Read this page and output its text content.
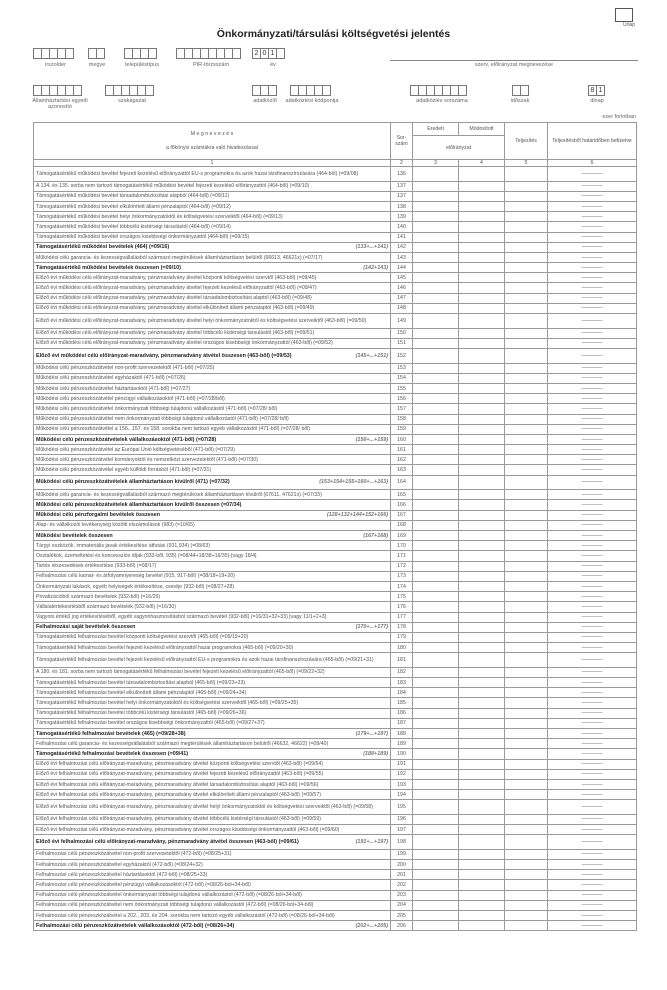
Űrlap
Önkormányzati/társulási költségvetési jelentés
irszolder	megye	településtípus	PIR-törzsszám
2 0 1
év	szerv, előirányzat megnevezése
Államháztartási egyedi azonosító
szakágazat	adatközlő	adatközlési kódpontja	adatközlés sorszáma	időszak
8 1
dinap
ezer forintban
M e g n e v e z é s
a főkönyvi számlákra való hivatkozással	Sor-szám	Eredeti	Módosított	Teljesítés	Teljesítésből határidőben befizetve
		előirányzat			
1	2	3	4	5	6
Támogatásértékű működési bevétel fejezeti kezelésű előirányzattól EU-s programokra és azok hazai társfinanszírozására (464-böl) (=09/08)	136				————
A 134. és 135. sorba nem tartozó támogatásértékű működési bevétel fejezeti kezelésű előirányzattól (464-ből) (=09/10)	137				————
Támogatásértékű működési bevétel társadalombiztosítási alapból (464-ből) (=09/11)	137				————
Támogatásértékű működési bevétel elkülönített állami pénzalaptól (464-ből) (=09/12)	138				————
Támogatásértékű működési bevétel helyi önkormányzatoktól és költségvetési szerveiktől (464-ből) (=09/13)	139				————
Támogatásértékű működési bevétel többcélú kistérségi társulástól (464-ből) (=09/14)	140				————
Támogatásértékű működési bevétel országos kisebbségi önkormányzattól (464-ből) (=09/15)	141				————

(133+...+141)
Támogatásértékű működési bevételek (464) (=09/16)	142				————
Működési célú garancia- és kezességvállalásból származó megtérülések államháztartáson belülről (66613, 46621x) (=07/17)	143				————

(142+143)
Támogatásértékű működési bevételek összesen (=09/10)	144				————
Előző évi működési célú előirányzat-maradvány, pénzmaradvány átvétel központi költségvetési szervtől (463-ből) (=09/45)	145				————
Előző évi működési célú előirányzat-maradvány, pénzmaradvány átvétel fejezeti kezelésű előirányzattól (463-ből) (=09/47)	146				————
Előző évi működési célú előirányzat-maradvány, pénzmaradvány átvétel társadalombiztosítási alaptól (463-ből) (=09/48)	147				————
Előző évi működési célú előirányzat-maradvány, pénzmaradvány átvétel elkülönített állami pénzalaptól (463-ből) (=09/49)	148				————
Előző évi működési célú előirányzat-maradvány, pénzmaradvány átvétel helyi önkormányzatoktól és költségvetési szerveiktől (463-ből) (=09/50)	149				————
Előző évi működési célú előirányzat-maradvány, pénzmaradvány átvétel többcélú kistérségi társulástól (463-ből) (=09/51)	150				————
Előző évi működési célú előirányzat-maradvány, pénzmaradvány átvétel országos kisebbségi önkormányzattól (463-ből) (=09/52)	151				————

(145+...+151)
Előző évi működési célú előirányzat-maradvány, pénzmaradvány átvétel összesen (463-ből) (=09/53)	152				————
Működési célú pénzeszközátvétel non-profit szervezetektől (471-ből) (=07/25)	153				————
Működési célú pénzeszközátvétel egyházaktól (471-ből) (=07/26)	154				————
Működési célú pénzeszközátvétel háztartásoktól (471-ből) (=07/27)	155				————
Működési célú pénzeszközátvétel pénzügyi vállalkozásoktól (471-ből) (=07/28/ből)	156				————
Működési célú pénzeszközátvétel önkormányzati többségi tulajdonú vállalkozástól (471-ből) (=07/28/ ből)	157				————
Működési célú pénzeszközátvétel nem önkormányzati többségi tulajdonú vállalkozástól (471-ből) (=07/28/ ből)	158				————
Működési célú pénzeszközátvétel a 156., 157. és 158. sorokba nem tartozó egyéb vállalkozástól (471-ből) (=07/28/ ből)	159				————

(156+...+159)
Működési célú pénzeszközátvételek vállalkozásoktól (471-ből) (=07/28)	160				————
Működési célú pénzeszközátvétel az Európai Unió költségvetéséből (471-ből) (=07/29)	161				————
Működési célú pénzeszközátvétel kormányoktól és nemzetközi szervezetektől (471-ből) (=07/30)	162				————
Működési célú pénzeszközátvétel egyéb külföldi forrásból (471-ből) (=07/31)	163				————

(153+154+155+160+...+163)
Működési célú pénzeszközátvételek államháztartáson kívülről (471) (=07/32)	164				————
Működési célú garancia- és kezességvállalásból származó megtérülések államháztartáson kívülről (67611, 47621x) (=07/33)	165				————
Működési célú pénzeszközátvételek államháztartáson kívülről összesen (=07/34)	166				————

(128+132+144+152+166)
Működési célú pénzforgalmi bevételek összesen	167				————
Alap- és vállalkozói tevékenység közötti elszámolások (983) (=10/65)	168				————

(167+168)
Működési bevételek összesen	169				————
Tárgyi eszközök, immateriális javak értékesítése átfutási (931,934) (=08/63)	170				————
Osztalékok, üzemeltetési és koncessziós díjak (933-ből, 935) (=08/44+18/38+16/35)-[vagy 18/4]	171				————
Tartós részesedések értékesítése (933-ből) (=08/17)	172				————
Felhalmozási célú kamat- és árfolyamnyereség bevétel (915, 917-ből) (=08/18+19+20)	173				————
Önkormányzati lakások, egyéb helyiségek értékesítése, cseréje (932-ből) (=08/27+28)	174				————
Privatizációból származó bevételek (932-ből) (=16/29)	175				————
Vállalatértékesítésből származó bevételek (932-ből) (=16/30)	176				————
Vagyoni értékű jog értékesítéséből, egyéb vagyonhasznosításból származó bevétel (932-ből) (=16/31+32+33) [vagy 11/1+2+3]	177				————

(170+...+177)
Felhalmozási saját bevételek összesen	178				————
Támogatásértékű felhalmozási bevétel központi költségvetési szervtől (465-ből) (=09/19+20)	179				————
Támogatásértékű felhalmozási bevétel fejezeti kezelésű előirányzattól hazai programokra (465-ből) (=09/20+30)	180				————
Támogatásértékű felhalmozási bevétel fejezeti kezelésű előirányzattól EU-s programokra és azok hazai társfinanszírozására (465-ből) (=09/21+31)	181				————
A 180. és 181. sorba nem tartozó támogatásértékű felhalmozási bevétel fejezeti kezelésű előirányzattól (465-ből) (=09/22+32)	182				————
Támogatásértékű felhalmozási bevétel társadalombiztosítási alapból (465-ből) (=09/23+33)	183				————
Támogatásértékű felhalmozási bevétel elkülönített állami pénzalaptól (465-ből) (=09/24+34)	184				————
Támogatásértékű felhalmozási bevétel helyi önkormányzatoktól és költségvetési szerveiktől (465-ből) (=09/25+35)	185				————
Támogatásértékű felhalmozási bevétel többcélú kistérségi társulástól (465-ből) (=09/26+36)	186				————
Támogatásértékű felhalmozási bevétel országos kisebbségi önkormányzattól (465-ből) (=09/27+37)	187				————

(179+...+187)
Támogatásértékű felhalmozási bevételek (465) (=09/28+38)	188				————
Felhalmozási célú garancia- és kezességvállalásból származó megtérülések államháztartáson belülről (46632, 46622) (=09/40)	189				————

(188+189)
Támogatásértékű felhalmozási bevételek összesen (=09/41)	190				————
Előző évi felhalmozási célú előirányzat-maradvány, pénzmaradvány átvétel központi költségvetési szervtől (463-ből) (=09/54)	191				————
Előző évi felhalmozási célú előirányzat-maradvány, pénzmaradvány átvétel fejezeti kezelésű előirányzattól (463-ből) (=09/55)	192				————
Előző évi felhalmozási célú előirányzat-maradvány, pénzmaradvány átvétel társadalombiztosítási alaptól (463-ből) (=09/56)	193				————
Előző évi felhalmozási célú előirányzat-maradvány, pénzmaradvány átvétel elkülönített állami pénzalaptól (463-ből) (=09/57)	194				————
Előző évi felhalmozási célú előirányzat-maradvány, pénzmaradvány átvétel helyi önkormányzatoktól és költségvetési szerveiktől (463-ből) (=09/58)	195				————
Előző évi felhalmozási célú előirányzat-maradvány, pénzmaradvány átvétel többcélú kistérségi társulástól (463-ből) (=09/59)	196				————
Előző évi felhalmozási célú előirányzat-maradvány, pénzmaradvány átvétel országos kisebbségi önkormányzattól (463-ből) (=09/60)	197				————

(191+...+197)
Előző évi felhalmozási célú előirányzat-maradvány, pénzmaradvány átvétel összesen (463-ből) (=09/61)	198				————
Felhalmozási célú pénzeszközátvétel non-profit szervezetektől (472-ből) (=08/25+31)	199				————
Felhalmozási célú pénzeszközátvétel egyházaktól (472-ből) (=08/24+32)	200				————
Felhalmozási célú pénzeszközátvétel háztartásoktól (472-ből) (=08/25+33)	201				————
Felhalmozási célú pénzeszközátvétel pénzügyi vállalkozásoktól (472-ből) (=08/26-ból+34-ből)	202				————
Felhalmozási célú pénzeszközátvétel önkormányzati többségi tulajdonú vállalkozástól (472-ből) (=08/26-ból+34-ből)	203				————
Felhalmozási célú pénzeszközátvétel nem önkormányzati többségi tulajdonú vállalkozástól (472-ből) (=08/26-ból+34-ből)	204				————
Felhalmozási célú pénzeszközátvétel a 202., 203. és 204. sorokba nem tartozó egyéb vállalkozástól (472-ből) (=08/26-ból+34-ből)	205				————

(202+...+205)
Felhalmozási célú pénzeszközátvételek vállalkozásoktól (472-ből) (=08/26+34)	206				————
